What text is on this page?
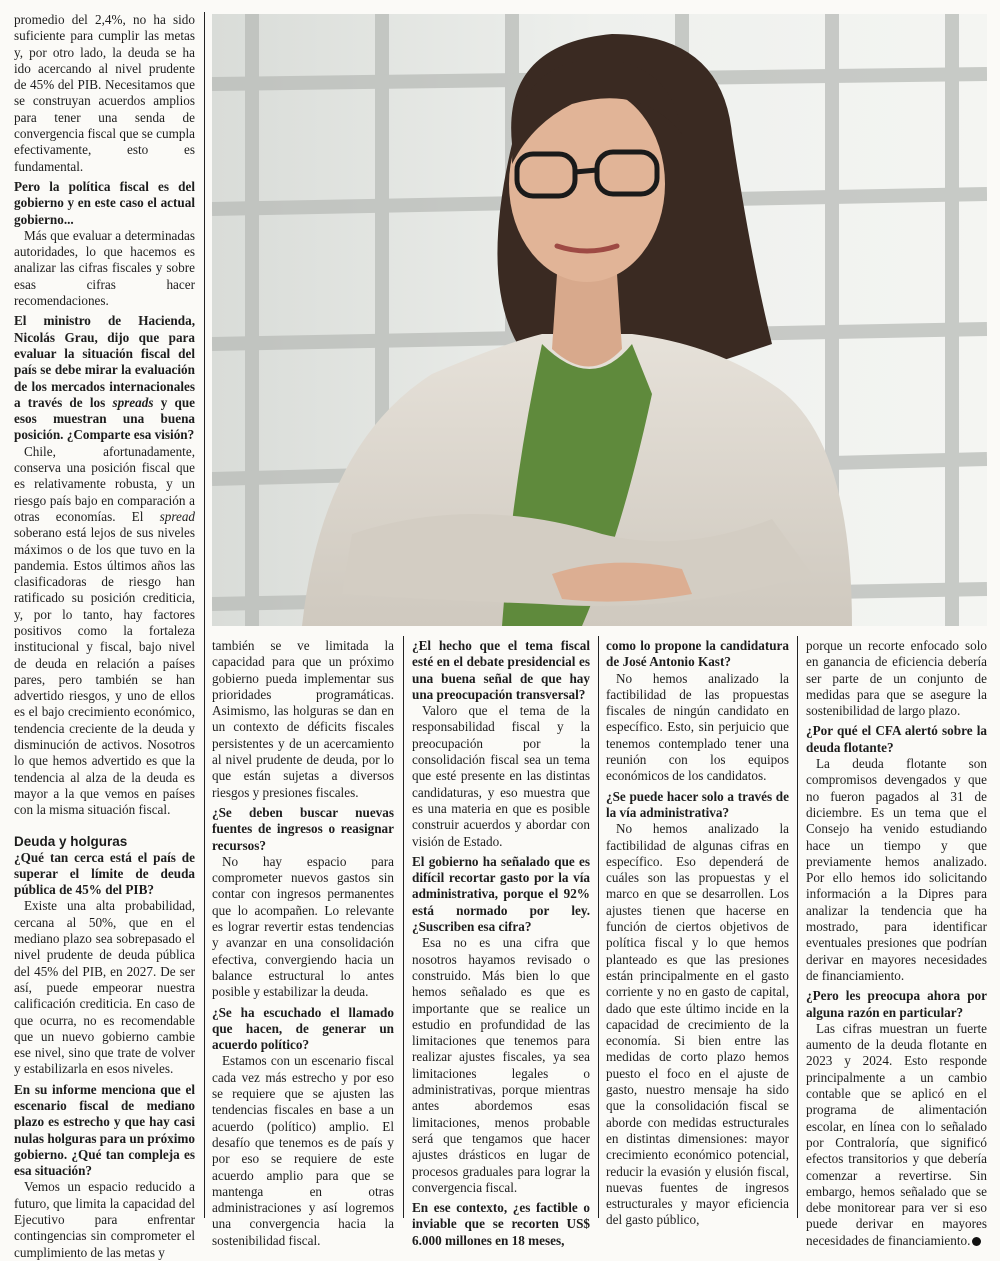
promedio del 2,4%, no ha sido suficiente para cumplir las metas y, por otro lado, la deuda se ha ido acercando al nivel prudente de 45% del PIB. Necesitamos que se construyan acuerdos amplios para tener una senda de convergencia fiscal que se cumpla efectivamente, esto es fundamental.

Pero la política fiscal es del gobierno y en este caso el actual gobierno...

Más que evaluar a determinadas autoridades, lo que hacemos es analizar las cifras fiscales y sobre esas cifras hacer recomendaciones.

El ministro de Hacienda, Nicolás Grau, dijo que para evaluar la situación fiscal del país se debe mirar la evaluación de los mercados internacionales a través de los spreads y que esos muestran una buena posición. ¿Comparte esa visión?

Chile, afortunadamente, conserva una posición fiscal que es relativamente robusta, y un riesgo país bajo en comparación a otras economías. El spread soberano está lejos de sus niveles máximos o de los que tuvo en la pandemia. Estos últimos años las clasificadoras de riesgo han ratificado su posición crediticia, y, por lo tanto, hay factores positivos como la fortaleza institucional y fiscal, bajo nivel de deuda en relación a países pares, pero también se han advertido riesgos, y uno de ellos es el bajo crecimiento económico, tendencia creciente de la deuda y disminución de activos. Nosotros lo que hemos advertido es que la tendencia al alza de la deuda es mayor a la que vemos en países con la misma situación fiscal.

Deuda y holguras

¿Qué tan cerca está el país de superar el límite de deuda pública de 45% del PIB?

Existe una alta probabilidad, cercana al 50%, que en el mediano plazo sea sobrepasado el nivel prudente de deuda pública del 45% del PIB, en 2027. De ser así, puede empeorar nuestra calificación crediticia. En caso de que ocurra, no es recomendable que un nuevo gobierno cambie ese nivel, sino que trate de volver y estabilizarla en esos niveles.

En su informe menciona que el escenario fiscal de mediano plazo es estrecho y que hay casi nulas holguras para un próximo gobierno. ¿Qué tan compleja es esa situación?

Vemos un espacio reducido a futuro, que limita la capacidad del Ejecutivo para enfrentar contingencias sin comprometer el cumplimiento de las metas y

también se ve limitada la capacidad para que un próximo gobierno pueda implementar sus prioridades programáticas. Asimismo, las holguras se dan en un contexto de déficits fiscales persistentes y de un acercamiento al nivel prudente de deuda, por lo que están sujetas a diversos riesgos y presiones fiscales.

¿Se deben buscar nuevas fuentes de ingresos o reasignar recursos?

No hay espacio para comprometer nuevos gastos sin contar con ingresos permanentes que lo acompañen. Lo relevante es lograr revertir estas tendencias y avanzar en una consolidación efectiva, convergiendo hacia un balance estructural lo antes posible y estabilizar la deuda.

¿Se ha escuchado el llamado que hacen, de generar un acuerdo político?

Estamos con un escenario fiscal cada vez más estrecho y por eso se requiere que se ajusten las tendencias fiscales en base a un acuerdo (político) amplio. El desafío que tenemos es de país y por eso se requiere de este acuerdo amplio para que se mantenga en otras administraciones y así logremos una convergencia hacia la sostenibilidad fiscal.

¿El hecho que el tema fiscal esté en el debate presidencial es una buena señal de que hay una preocupación transversal?

Valoro que el tema de la responsabilidad fiscal y la preocupación por la consolidación fiscal sea un tema que esté presente en las distintas candidaturas, y eso muestra que es una materia en que es posible construir acuerdos y abordar con visión de Estado.

El gobierno ha señalado que es difícil recortar gasto por la vía administrativa, porque el 92% está normado por ley. ¿Suscriben esa cifra?

Esa no es una cifra que nosotros hayamos revisado o construido. Más bien lo que hemos señalado es que es importante que se realice un estudio en profundidad de las limitaciones que tenemos para realizar ajustes fiscales, ya sea limitaciones legales o administrativas, porque mientras antes abordemos esas limitaciones, menos probable será que tengamos que hacer ajustes drásticos en lugar de procesos graduales para lograr la convergencia fiscal.

En ese contexto, ¿es factible o inviable que se recorten US$ 6.000 millones en 18 meses,

como lo propone la candidatura de José Antonio Kast?

No hemos analizado la factibilidad de las propuestas fiscales de ningún candidato en específico. Esto, sin perjuicio que tenemos contemplado tener una reunión con los equipos económicos de los candidatos.

¿Se puede hacer solo a través de la vía administrativa?

No hemos analizado la factibilidad de algunas cifras en específico. Eso dependerá de cuáles son las propuestas y el marco en que se desarrollen. Los ajustes tienen que hacerse en función de ciertos objetivos de política fiscal y lo que hemos planteado es que las presiones están principalmente en el gasto corriente y no en gasto de capital, dado que este último incide en la capacidad de crecimiento de la economía. Si bien entre las medidas de corto plazo hemos puesto el foco en el ajuste de gasto, nuestro mensaje ha sido que la consolidación fiscal se aborde con medidas estructurales en distintas dimensiones: mayor crecimiento económico potencial, reducir la evasión y elusión fiscal, nuevas fuentes de ingresos estructurales y mayor eficiencia del gasto público,

porque un recorte enfocado solo en ganancia de eficiencia debería ser parte de un conjunto de medidas para que se asegure la sostenibilidad de largo plazo.

¿Por qué el CFA alertó sobre la deuda flotante?

La deuda flotante son compromisos devengados y que no fueron pagados al 31 de diciembre. Es un tema que el Consejo ha venido estudiando hace un tiempo y que previamente hemos analizado. Por ello hemos ido solicitando información a la Dipres para analizar la tendencia que ha mostrado, para identificar eventuales presiones que podrían derivar en mayores necesidades de financiamiento.

¿Pero les preocupa ahora por alguna razón en particular?

Las cifras muestran un fuerte aumento de la deuda flotante en 2023 y 2024. Esto responde principalmente a un cambio contable que se aplicó en el programa de alimentación escolar, en línea con lo señalado por Contraloría, que significó efectos transitorios y que debería comenzar a revertirse. Sin embargo, hemos señalado que se debe monitorear para ver si eso puede derivar en mayores necesidades de financiamiento.
